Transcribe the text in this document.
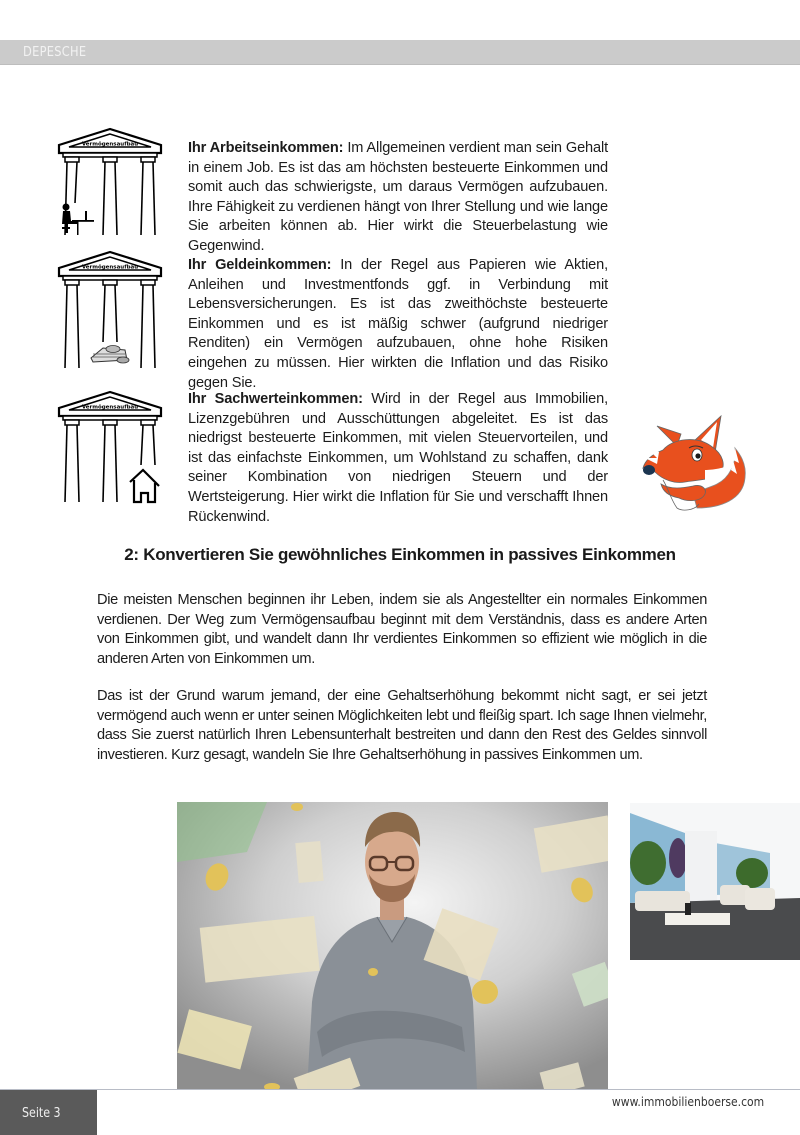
DEPESCHE
Vermögensaufbau	Ihr Arbeitseinkommen: Im Allgemeinen verdient man sein Gehalt in einem Job. Es ist das am höchsten besteuerte Einkommen und somit auch das schwierigste, um daraus Vermögen aufzubauen. Ihre Fähigkeit zu verdienen hängt von Ihrer Stellung und wie lange Sie arbeiten können ab. Hier wirkt die Steuerbelastung wie Gegenwind.
Vermögensaufbau	Ihr Geldeinkommen: In der Regel aus Papieren wie Aktien, Anleihen und Investmentfonds ggf. in Verbindung mit Lebensversicherungen. Es ist das zweithöchste besteuerte Einkommen und es ist mäßig schwer (aufgrund niedriger Renditen) ein Vermögen aufzubauen, ohne hohe Risiken eingehen zu müssen. Hier wirkten die Inflation und das Risiko gegen Sie.
Vermögensaufbau
Ihr Sachwerteinkommen: Wird in der Regel aus Immobilien, Lizenzgebühren und Ausschüttungen abgeleitet. Es ist das niedrigst besteuerte Einkommen, mit vielen Steuervorteilen, und ist das einfachste Einkommen, um Wohlstand zu schaffen, dank seiner Kombination von niedrigen Steuern und der Wertsteigerung. Hier wirkt die Inflation für Sie und verschafft Ihnen Rückenwind.
2: Konvertieren Sie gewöhnliches Einkommen in passives Einkommen

Die meisten Menschen beginnen ihr Leben, indem sie als Angestellter ein normales Einkommen verdienen. Der Weg zum Vermögensaufbau beginnt mit dem Verständnis, dass es andere Arten von Einkommen gibt, und wandelt dann Ihr verdientes Einkommen so effizient wie möglich in die anderen Arten von Einkommen um.

Das ist der Grund warum jemand, der eine Gehaltserhöhung bekommt nicht sagt, er sei jetzt vermögend auch wenn er unter seinen Möglichkeiten lebt und fleißig spart. Ich sage Ihnen vielmehr, dass Sie zuerst natürlich Ihren Lebensunterhalt bestreiten und dann den Rest des Geldes sinnvoll investieren. Kurz gesagt, wandeln Sie Ihre Gehaltserhöhung in passives Einkommen um.

Seite 3
www.immobilienboerse.com
